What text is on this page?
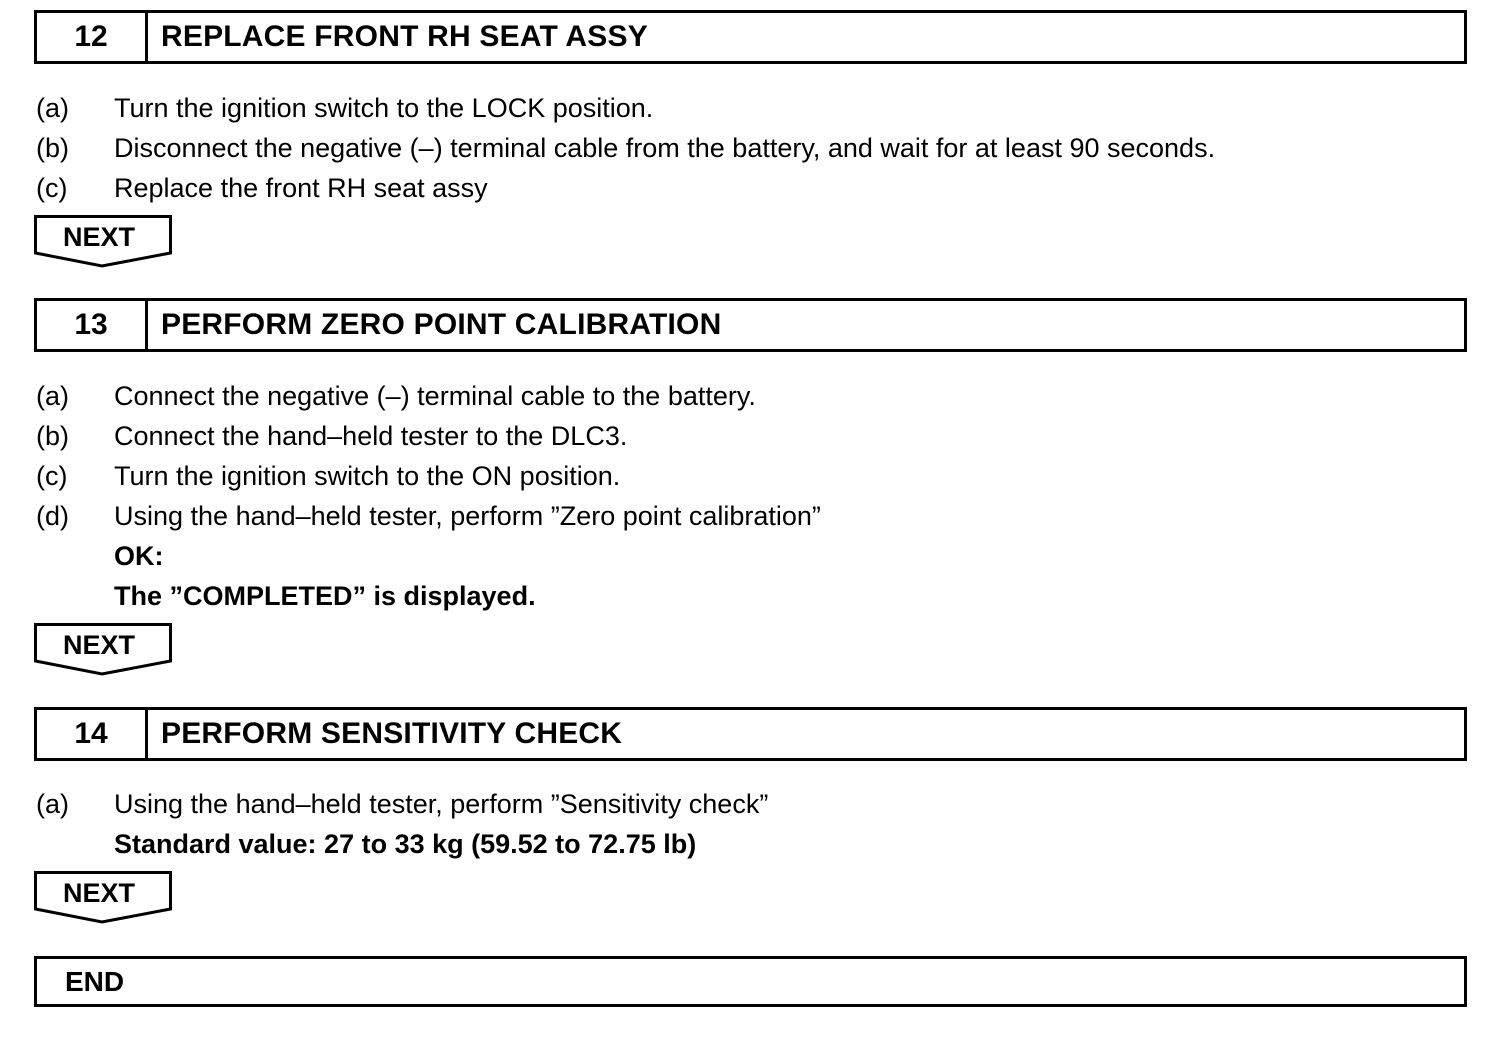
12	REPLACE FRONT RH SEAT ASSY
(a)	Turn the ignition switch to the LOCK position.
(b)	Disconnect the negative (–) terminal cable from the battery, and wait for at least 90 seconds.
(c)	Replace the front RH seat assy
NEXT
13	PERFORM ZERO POINT CALIBRATION
(a)	Connect the negative (–) terminal cable to the battery.
(b)	Connect the hand–held tester to the DLC3.
(c)	Turn the ignition switch to the ON position.
(d)	Using the hand–held tester, perform ”Zero point calibration”
OK:
The ”COMPLETED” is displayed.
NEXT
14	PERFORM SENSITIVITY CHECK
(a)	Using the hand–held tester, perform ”Sensitivity check”
Standard value: 27 to 33 kg (59.52 to 72.75 lb)
NEXT
END
